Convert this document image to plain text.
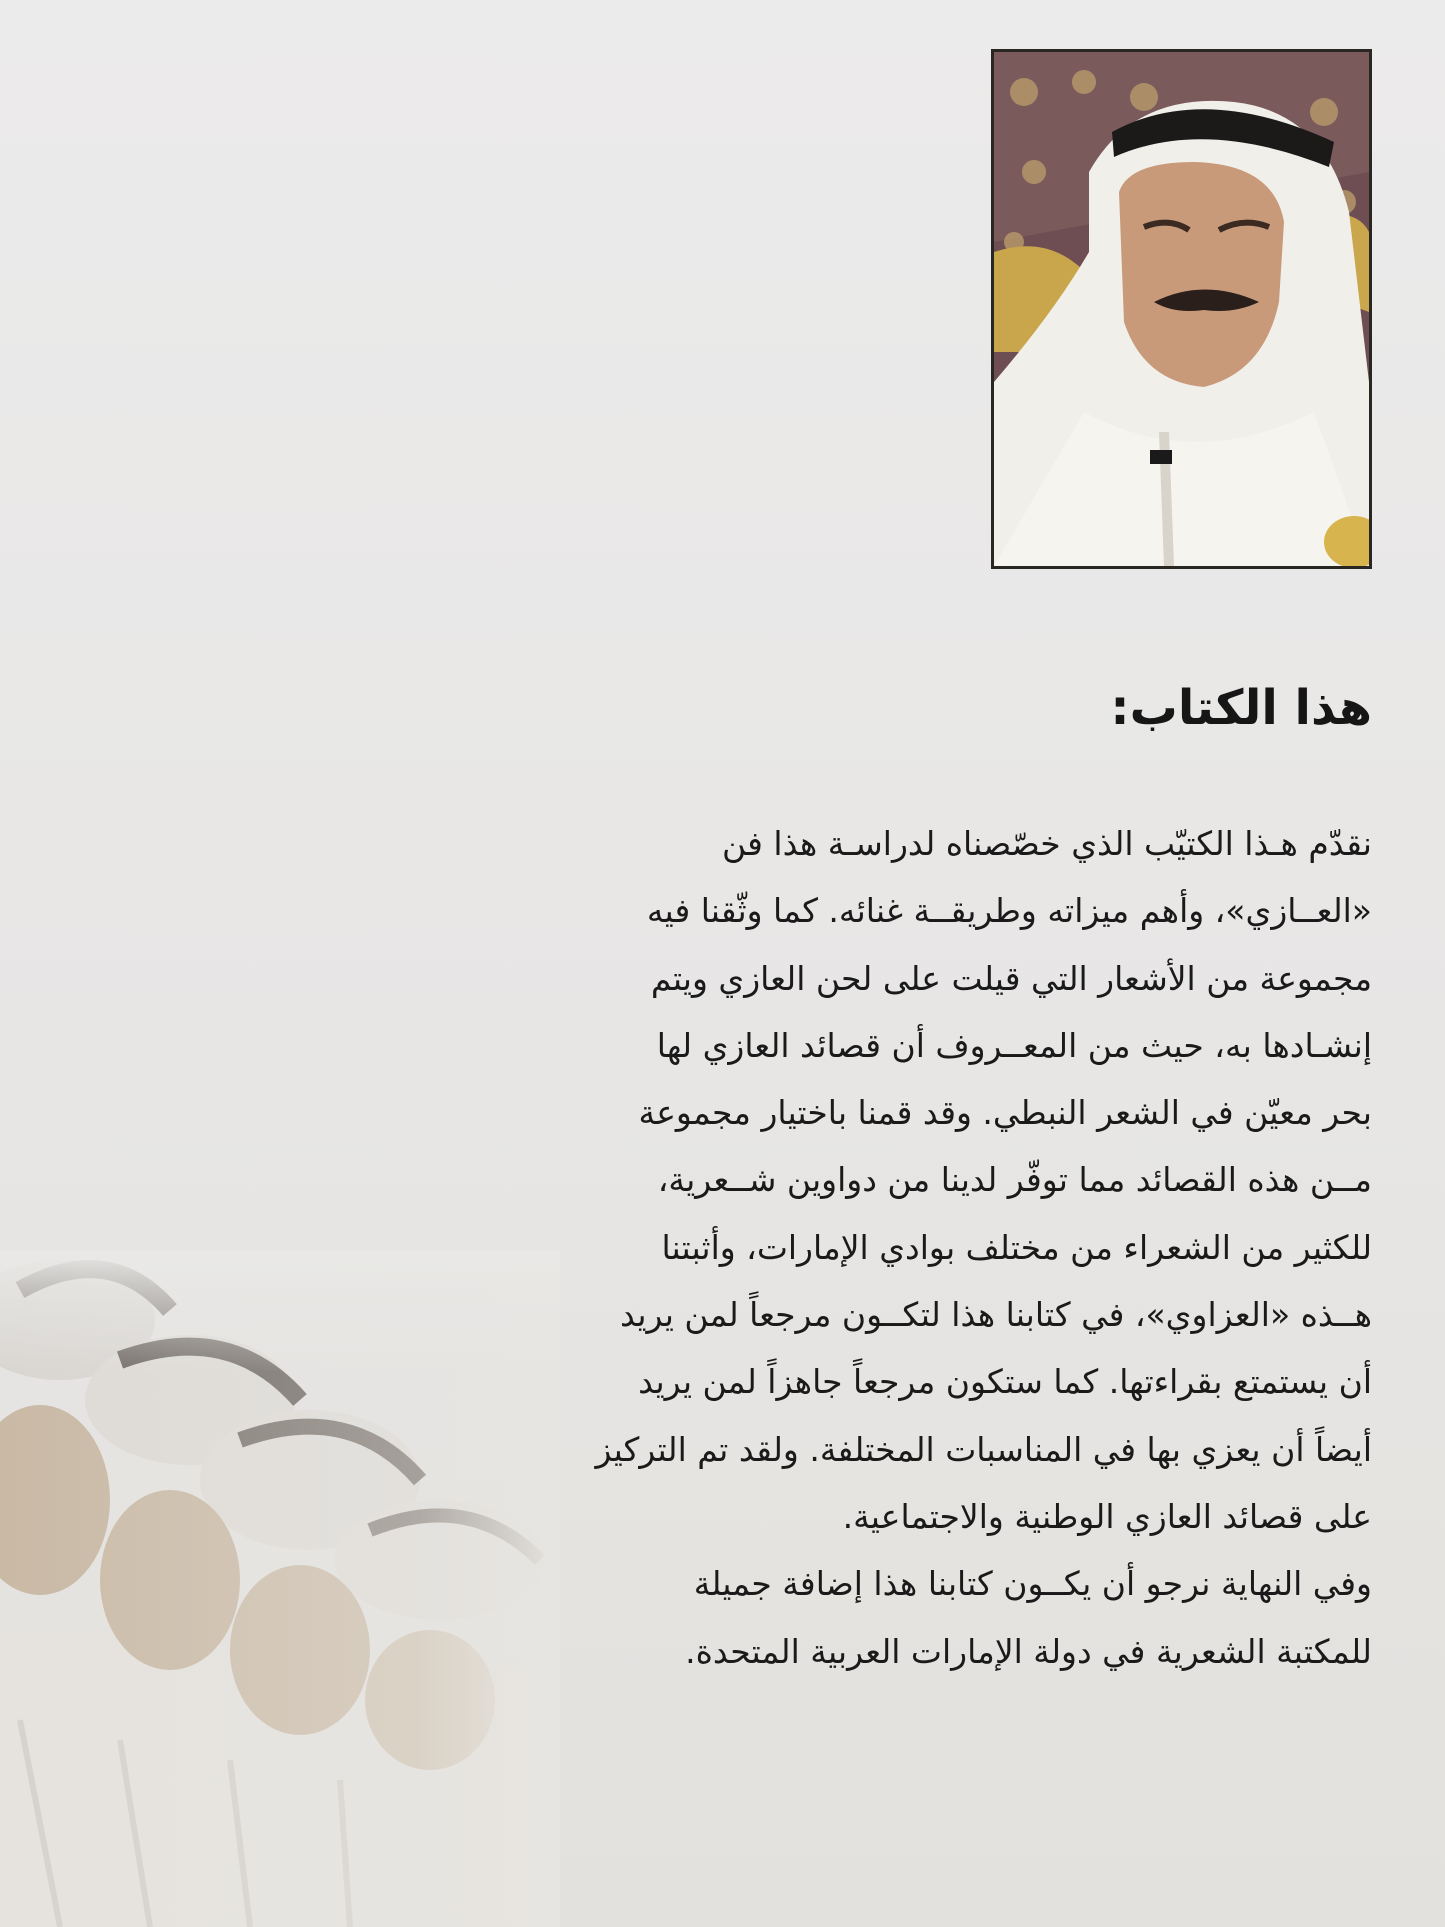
هذا الكتاب:
نقدّم هـذا الكتيّب الذي خصّصناه لدراسـة هذا فن
«العــازي»، وأهم ميزاته وطريقــة غنائه. كما وثّقنا فيه
مجموعة من الأشعار التي قيلت على لحن العازي ويتم
إنشـادها به، حيث من المعــروف أن قصائد العازي لها
بحر معيّن في الشعر النبطي. وقد قمنا باختيار مجموعة
مــن هذه القصائد مما توفّر لدينا من دواوين شــعرية،
للكثير من الشعراء من مختلف بوادي الإمارات، وأثبتنا
هــذه «العزاوي»، في كتابنا هذا لتكــون مرجعاً لمن يريد
أن يستمتع بقراءتها. كما ستكون مرجعاً جاهزاً لمن يريد
أيضاً أن يعزي بها في المناسبات المختلفة. ولقد تم التركيز
على قصائد العازي الوطنية والاجتماعية.
وفي النهاية نرجو أن يكــون كتابنا هذا إضافة جميلة
للمكتبة الشعرية في دولة الإمارات العربية المتحدة.
